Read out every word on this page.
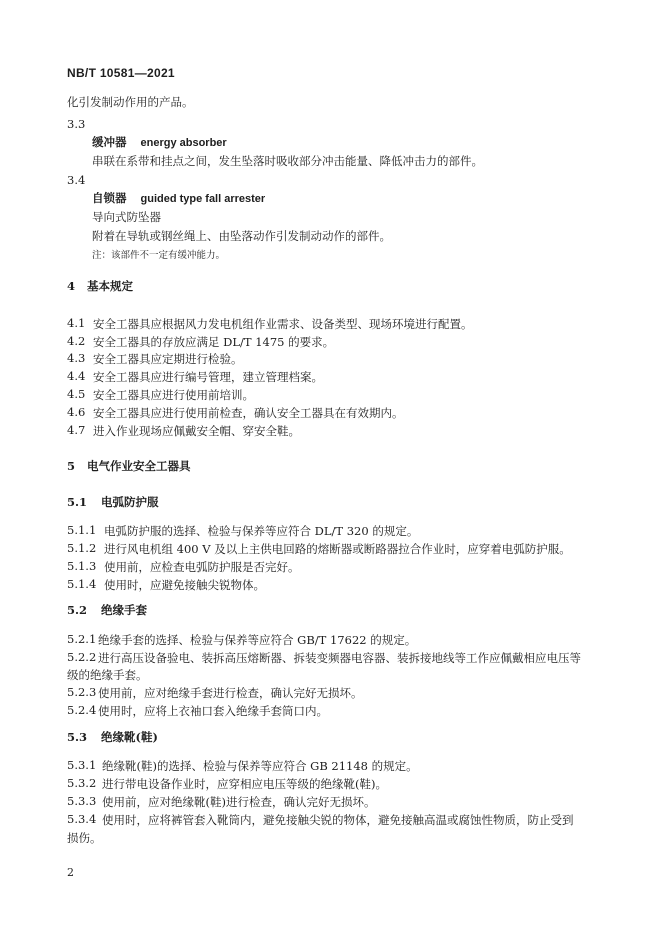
NB/T 10581—2021
化引发制动作用的产品。
3.3
缓冲器 energy absorber
串联在系带和挂点之间，发生坠落时吸收部分冲击能量、降低冲击力的部件。
3.4
自锁器 guided type fall arrester
导向式防坠器
附着在导轨或钢丝绳上、由坠落动作引发制动动作的部件。
注：该部件不一定有缓冲能力。
4 基本规定
4.1 安全工器具应根据风力发电机组作业需求、设备类型、现场环境进行配置。
4.2 安全工器具的存放应满足 DL/T 1475 的要求。
4.3 安全工器具应定期进行检验。
4.4 安全工器具应进行编号管理，建立管理档案。
4.5 安全工器具应进行使用前培训。
4.6 安全工器具应进行使用前检查，确认安全工器具在有效期内。
4.7 进入作业现场应佩戴安全帽、穿安全鞋。
5 电气作业安全工器具
5.1 电弧防护服
5.1.1 电弧防护服的选择、检验与保养等应符合 DL/T 320 的规定。
5.1.2 进行风电机组 400 V 及以上主供电回路的熔断器或断路器拉合作业时，应穿着电弧防护服。
5.1.3 使用前，应检查电弧防护服是否完好。
5.1.4 使用时，应避免接触尖锐物体。
5.2 绝缘手套
5.2.1 绝缘手套的选择、检验与保养等应符合 GB/T 17622 的规定。
5.2.2 进行高压设备验电、装拆高压熔断器、拆装变频器电容器、装拆接地线等工作应佩戴相应电压等
级的绝缘手套。
5.2.3 使用前，应对绝缘手套进行检查，确认完好无损坏。
5.2.4 使用时，应将上衣袖口套入绝缘手套筒口内。
5.3 绝缘靴(鞋)
5.3.1 绝缘靴(鞋)的选择、检验与保养等应符合 GB 21148 的规定。
5.3.2 进行带电设备作业时，应穿相应电压等级的绝缘靴(鞋)。
5.3.3 使用前，应对绝缘靴(鞋)进行检查，确认完好无损坏。
5.3.4 使用时，应将裤管套入靴筒内，避免接触尖锐的物体，避免接触高温或腐蚀性物质，防止受到
损伤。
2
